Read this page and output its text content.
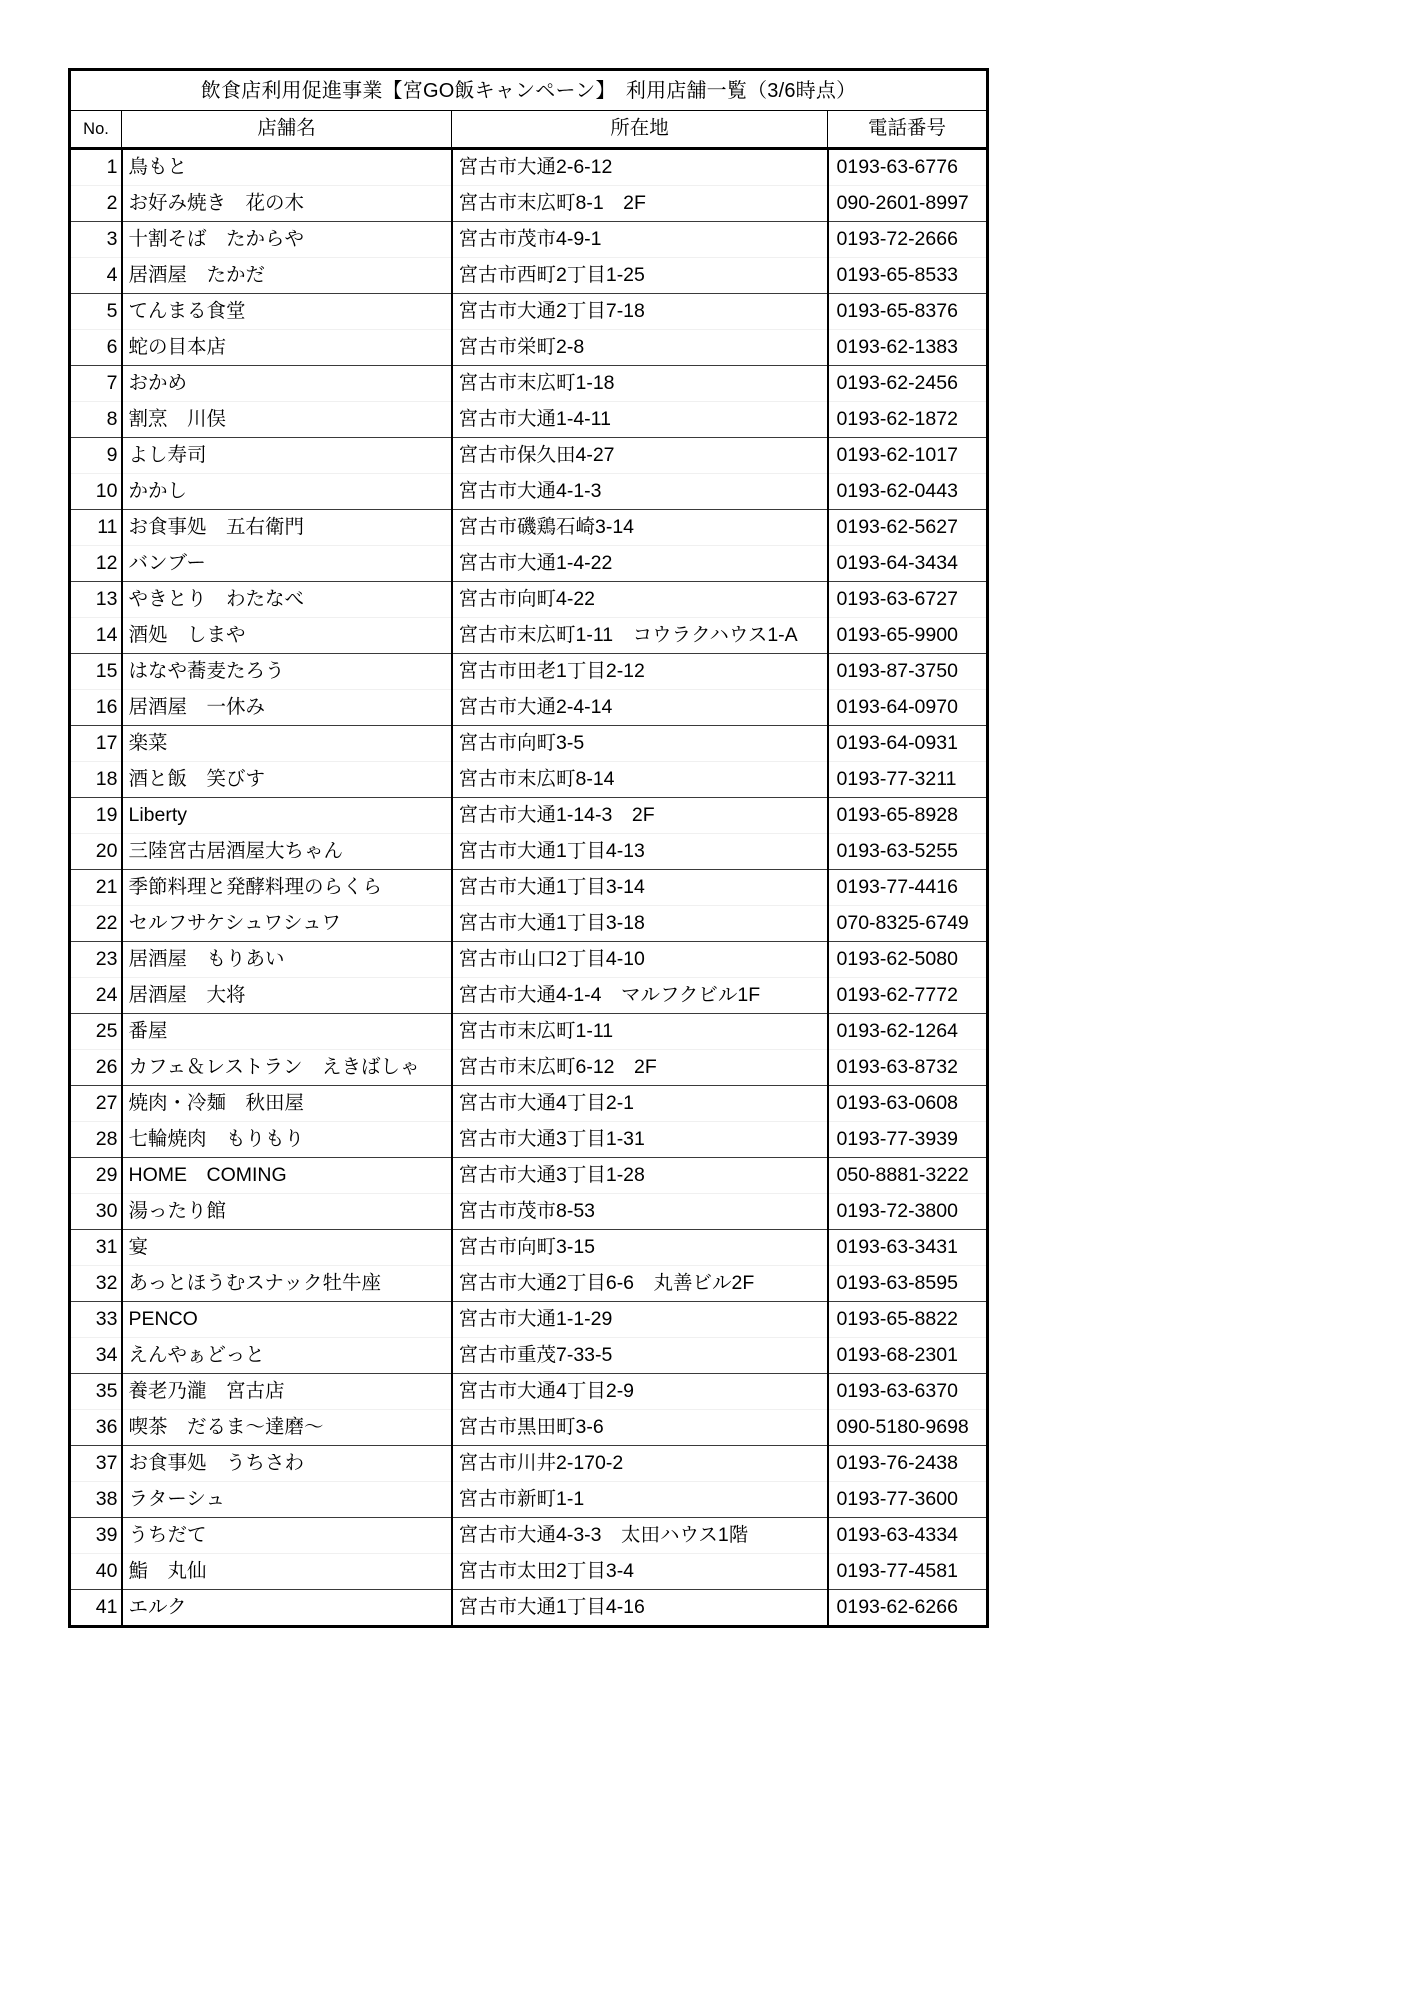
飲食店利用促進事業【宮GO飯キャンペーン】　利用店舗一覧（3/6時点）			
No.	店舗名	所在地	電話番号
1	鳥もと	宮古市大通2-6-12	0193-63-6776
2	お好み焼き　花の木	宮古市末広町8-1　2F	090-2601-8997
3	十割そば　たからや	宮古市茂市4-9-1	0193-72-2666
4	居酒屋　たかだ	宮古市西町2丁目1-25	0193-65-8533
5	てんまる食堂	宮古市大通2丁目7-18	0193-65-8376
6	蛇の目本店	宮古市栄町2-8	0193-62-1383
7	おかめ	宮古市末広町1-18	0193-62-2456
8	割烹　川俣	宮古市大通1-4-11	0193-62-1872
9	よし寿司	宮古市保久田4-27	0193-62-1017
10	かかし	宮古市大通4-1-3	0193-62-0443
11	お食事処　五右衛門	宮古市磯鶏石崎3-14	0193-62-5627
12	バンブー	宮古市大通1-4-22	0193-64-3434
13	やきとり　わたなべ	宮古市向町4-22	0193-63-6727
14	酒処　しまや	宮古市末広町1-11　コウラクハウス1-A	0193-65-9900
15	はなや蕎麦たろう	宮古市田老1丁目2-12	0193-87-3750
16	居酒屋　一休み	宮古市大通2-4-14	0193-64-0970
17	楽菜	宮古市向町3-5	0193-64-0931
18	酒と飯　笑びす	宮古市末広町8-14	0193-77-3211
19	Liberty	宮古市大通1-14-3　2F	0193-65-8928
20	三陸宮古居酒屋大ちゃん	宮古市大通1丁目4-13	0193-63-5255
21	季節料理と発酵料理のらくら	宮古市大通1丁目3-14	0193-77-4416
22	セルフサケシュワシュワ	宮古市大通1丁目3-18	070-8325-6749
23	居酒屋　もりあい	宮古市山口2丁目4-10	0193-62-5080
24	居酒屋　大将	宮古市大通4-1-4　マルフクビル1F	0193-62-7772
25	番屋	宮古市末広町1-11	0193-62-1264
26	カフェ＆レストラン　えきばしゃ	宮古市末広町6-12　2F	0193-63-8732
27	焼肉・冷麺　秋田屋	宮古市大通4丁目2-1	0193-63-0608
28	七輪焼肉　もりもり	宮古市大通3丁目1-31	0193-77-3939
29	HOME　COMING	宮古市大通3丁目1-28	050-8881-3222
30	湯ったり館	宮古市茂市8-53	0193-72-3800
31	宴	宮古市向町3-15	0193-63-3431
32	あっとほうむスナック牡牛座	宮古市大通2丁目6-6　丸善ビル2F	0193-63-8595
33	PENCO	宮古市大通1-1-29	0193-65-8822
34	えんやぁどっと	宮古市重茂7-33-5	0193-68-2301
35	養老乃瀧　宮古店	宮古市大通4丁目2-9	0193-63-6370
36	喫茶　だるま〜達磨〜	宮古市黒田町3-6	090-5180-9698
37	お食事処　うちさわ	宮古市川井2-170-2	0193-76-2438
38	ラターシュ	宮古市新町1-1	0193-77-3600
39	うちだて	宮古市大通4-3-3　太田ハウス1階	0193-63-4334
40	鮨　丸仙	宮古市太田2丁目3-4	0193-77-4581
41	エルク	宮古市大通1丁目4-16	0193-62-6266
